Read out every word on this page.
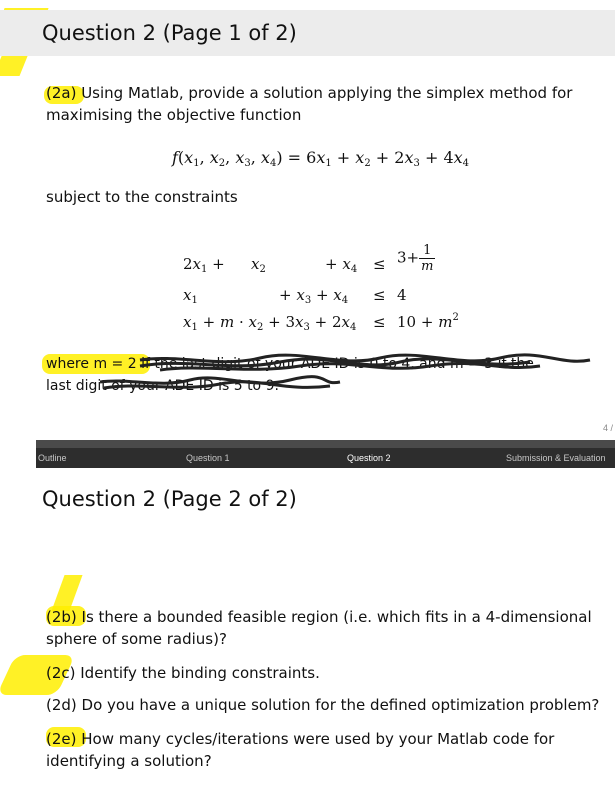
Question 2 (Page 1 of 2)
(2a) Using Matlab, provide a solution applying the simplex method for
maximising the objective function
$f(x_1$, $x_2$, $x_3$, $x_4) = 6x_1 + x_2 + 2x_3 + 4x_4$
subject to the constraints
$2x_1 + x_2$	+ $x_4 \le 3+ \frac{1}{m}$
$x_1$	+ $x_3 + x_4 \le 4$
$x_1 + m \cdot x_2 + 3x_3 + 2x_4 \le 10 + m^2$
where m = 2 if the last digit of your ADE ID is 0 to 4, and m = 3 if the
last digit of your ADE ID is 5 to 9.
4 /
Outline	Question 1	Question 2	Submission & Evaluation
Question 2 (Page 2 of 2)
(2b) Is there a bounded feasible region (i.e. which fits in a 4-dimensional
sphere of some radius)?
(2c) Identify the binding constraints.
(2d) Do you have a unique solution for the defined optimization problem?
(2e) How many cycles/iterations were used by your Matlab code for
identifying a solution?
